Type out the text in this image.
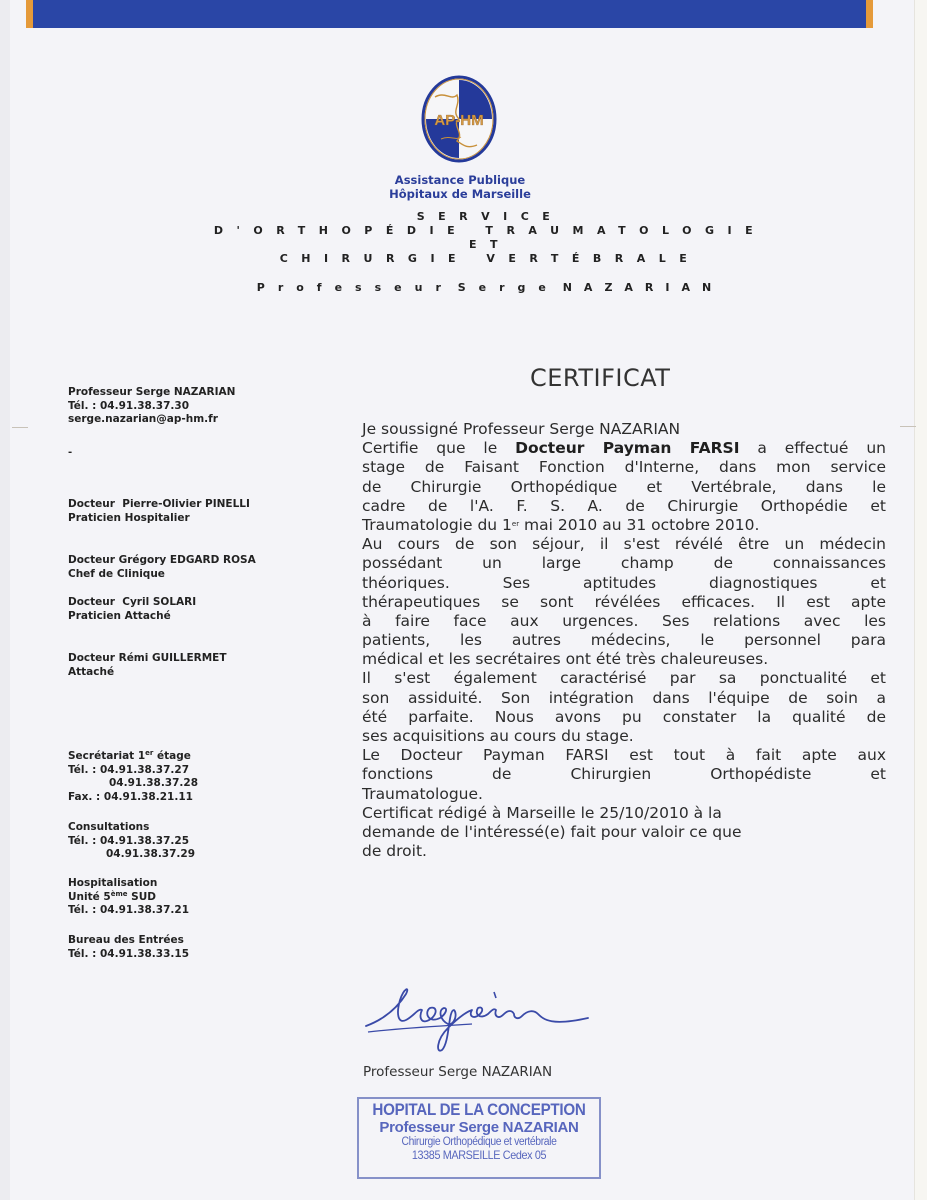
AP-HM
Assistance Publique
Hôpitaux de Marseille
SERVICE
D'ORTHOPÉDIE TRAUMATOLOGIE
ET
CHIRURGIE VERTÉBRALE
Professeur Serge NAZARIAN
Professeur Serge NAZARIAN
Tél. : 04.91.38.37.30
serge.nazarian@ap-hm.fr
-
Docteur  Pierre-Olivier PINELLI
Praticien Hospitalier
Docteur Grégory EDGARD ROSA
Chef de Clinique
Docteur  Cyril SOLARI
Praticien Attaché
Docteur Rémi GUILLERMET
Attaché
Secrétariat 1er étage
Tél. : 04.91.38.37.27
04.91.38.37.28
Fax. : 04.91.38.21.11
Consultations
Tél. : 04.91.38.37.25
04.91.38.37.29
Hospitalisation
Unité 5ème SUD
Tél. : 04.91.38.37.21
Bureau des Entrées
Tél. : 04.91.38.33.15
CERTIFICAT
Je soussigné Professeur Serge NAZARIAN
Certifie que le Docteur Payman FARSI a effectué un
stage de Faisant Fonction d'Interne, dans mon service
de Chirurgie Orthopédique et Vertébrale, dans le
cadre de l'A. F. S. A. de Chirurgie Orthopédie et
Traumatologie du 1er mai 2010 au 31 octobre 2010.
Au cours de son séjour, il s'est révélé être un médecin
possédant un large champ de connaissances
théoriques. Ses aptitudes diagnostiques et
thérapeutiques se sont révélées efficaces. Il est apte
à faire face aux urgences. Ses relations avec les
patients, les autres médecins, le personnel para
médical et les secrétaires ont été très chaleureuses.
Il s'est également caractérisé par sa ponctualité et
son assiduité. Son intégration dans l'équipe de soin a
été parfaite. Nous avons pu constater la qualité de
ses acquisitions au cours du stage.
Le Docteur Payman FARSI est tout à fait apte aux
fonctions de Chirurgien Orthopédiste et
Traumatologue.
Certificat rédigé à Marseille le 25/10/2010 à la
demande de l'intéressé(e) fait pour valoir ce que
de droit.
Professeur Serge NAZARIAN
HOPITAL DE LA CONCEPTION
Professeur Serge NAZARIAN
Chirurgie Orthopédique et vertébrale
13385 MARSEILLE Cedex 05
